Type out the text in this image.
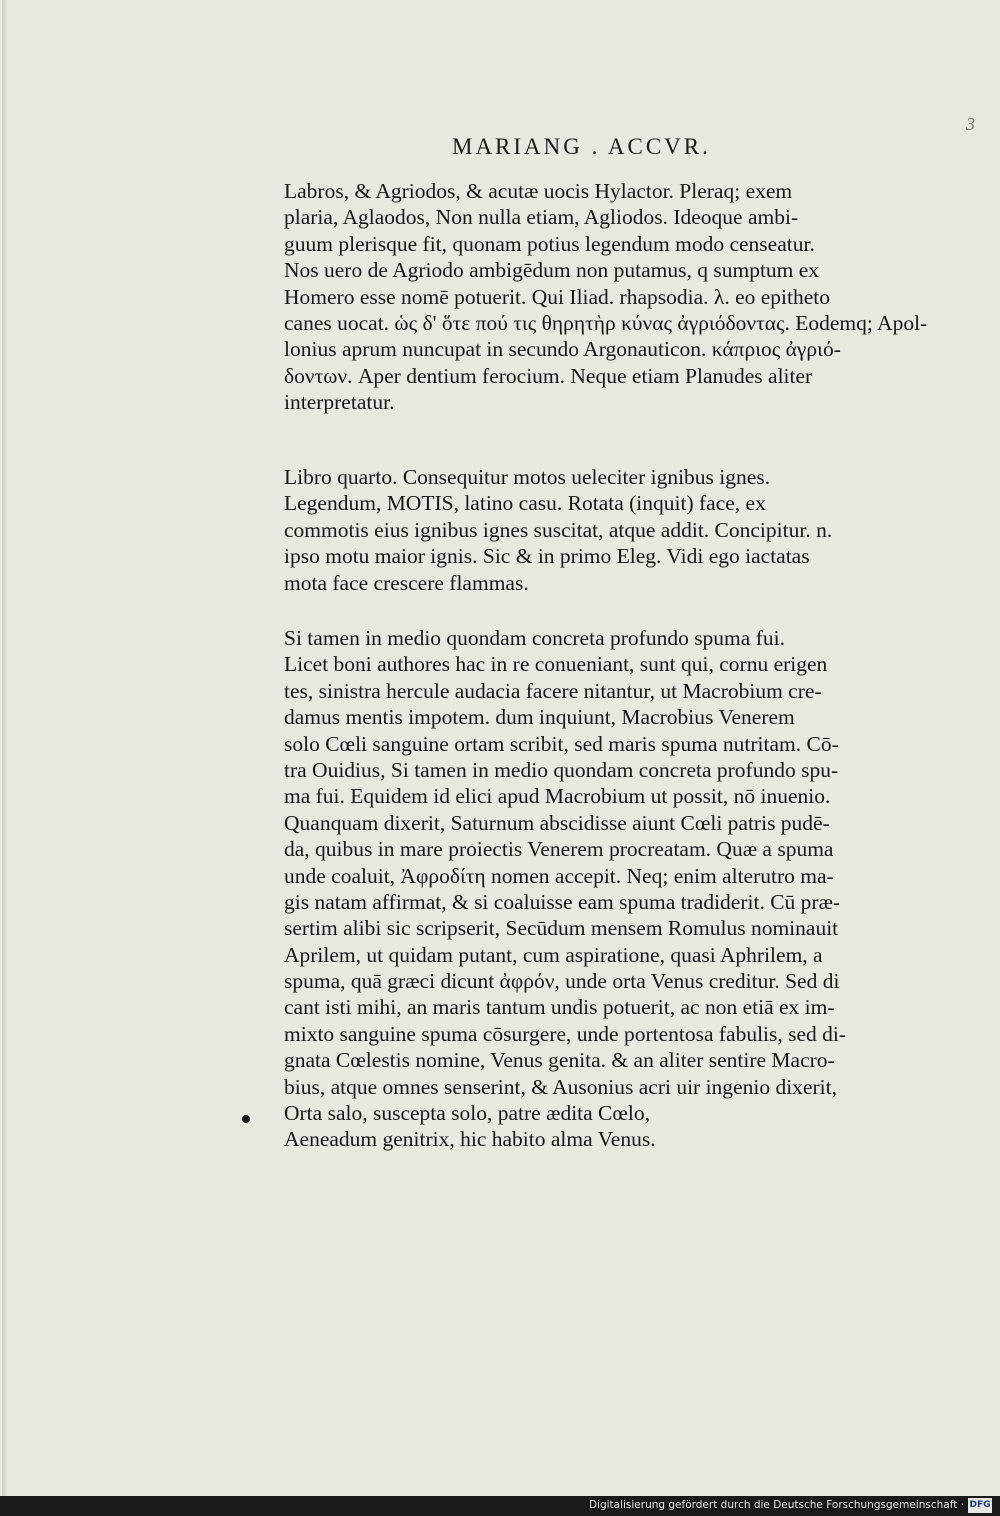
MARIANG . ACCVR.
3
Labros, & Agriodos, & acutæ uocis Hylactor. Pleraq; exem
plaria, Aglaodos, Non nulla etiam, Agliodos. Ideoque ambi-
guum plerisque fit, quonam potius legendum modo censeatur.
Nos uero de Agriodo ambigēdum non putamus, q sumptum ex
Homero esse nomē potuerit. Qui Iliad. rhapsodia. λ. eo epitheto
canes uocat. ὡς δ' ὅτε πού τις θηρητὴρ κύνας ἀγριόδοντας. Eodemq; Apol-
lonius aprum nuncupat in secundo Argonauticon. κάπριος ἀγριό-
δοντων. Aper dentium ferocium. Neque etiam Planudes aliter
interpretatur.
Libro quarto. Consequitur motos ueleciter ignibus ignes.
Legendum, MOTIS, latino casu. Rotata (inquit) face, ex
commotis eius ignibus ignes suscitat, atque addit. Concipitur. n.
ipso motu maior ignis. Sic & in primo Eleg. Vidi ego iactatas
mota face crescere flammas.
Si tamen in medio quondam concreta profundo spuma fui.
Licet boni authores hac in re conueniant, sunt qui, cornu erigen
tes, sinistra hercule audacia facere nitantur, ut Macrobium cre-
damus mentis impotem. dum inquiunt, Macrobius Venerem
solo Cœli sanguine ortam scribit, sed maris spuma nutritam. Cō-
tra Ouidius, Si tamen in medio quondam concreta profundo spu-
ma fui. Equidem id elici apud Macrobium ut possit, nō inuenio.
Quanquam dixerit, Saturnum abscidisse aiunt Cœli patris pudē-
da, quibus in mare proiectis Venerem procreatam. Quæ a spuma
unde coaluit, Ἀφροδίτη nomen accepit. Neq; enim alterutro ma-
gis natam affirmat, & si coaluisse eam spuma tradiderit. Cū præ-
sertim alibi sic scripserit, Secūdum mensem Romulus nominauit
Aprilem, ut quidam putant, cum aspiratione, quasi Aphrilem, a
spuma, quā græci dicunt ἀφρόν, unde orta Venus creditur. Sed di
cant isti mihi, an maris tantum undis potuerit, ac non etiā ex im-
mixto sanguine spuma cōsurgere, unde portentosa fabulis, sed di-
gnata Cœlestis nomine, Venus genita. & an aliter sentire Macro-
bius, atque omnes senserint, & Ausonius acri uir ingenio dixerit,
Orta salo, suscepta solo, patre ædita Cœlo,
Aeneadum genitrix, hic habito alma Venus.
Digitalisierung gefördert durch die Deutsche Forschungsgemeinschaft · DFG
